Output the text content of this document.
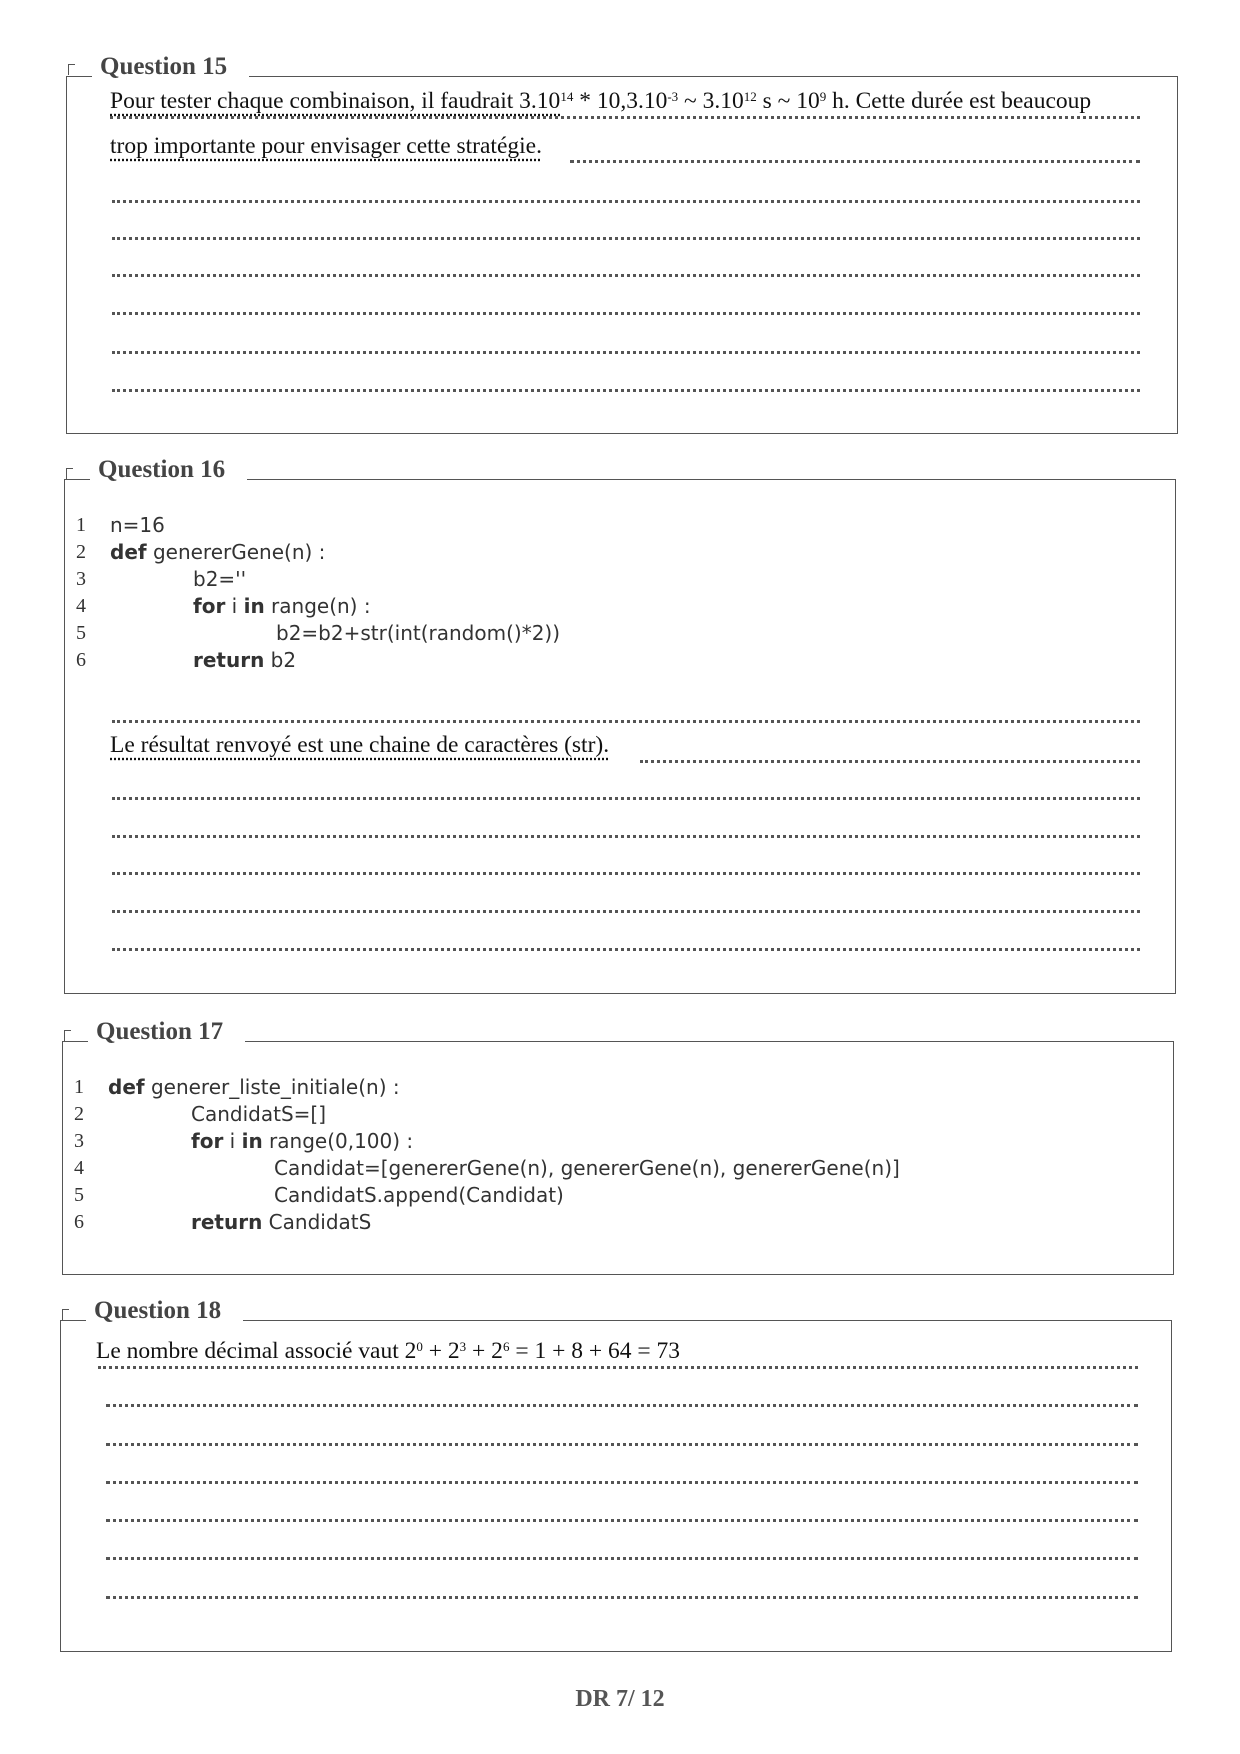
Question 15
Pour tester chaque combinaison, il faudrait $3.10^{14} * 10,3.10^{-3}$ ~ 3.10$^{12}$ s ~ $10^9$ h. Cette durée est beaucoup
trop importante pour envisager cette stratégie.
Question 16
1
2
3
4
5
6
n=16
def genererGene(n) :
b2=''
for i in range(n) :
b2=b2+str(int(random()*2))
return b2
Le résultat renvoyé est une chaine de caractères (str).
Question 17
1
2
3
4
5
6
def generer_liste_initiale(n) :
CandidatS=[]
for i in range(0,100) :
Candidat=[genererGene(n), genererGene(n), genererGene(n)]
CandidatS.append(Candidat)
return CandidatS
Question 18
Le nombre décimal associé vaut $2^0 + 2^3 + 2^6 = 1 + 8 + 64 = 73$
DR 7/ 12
